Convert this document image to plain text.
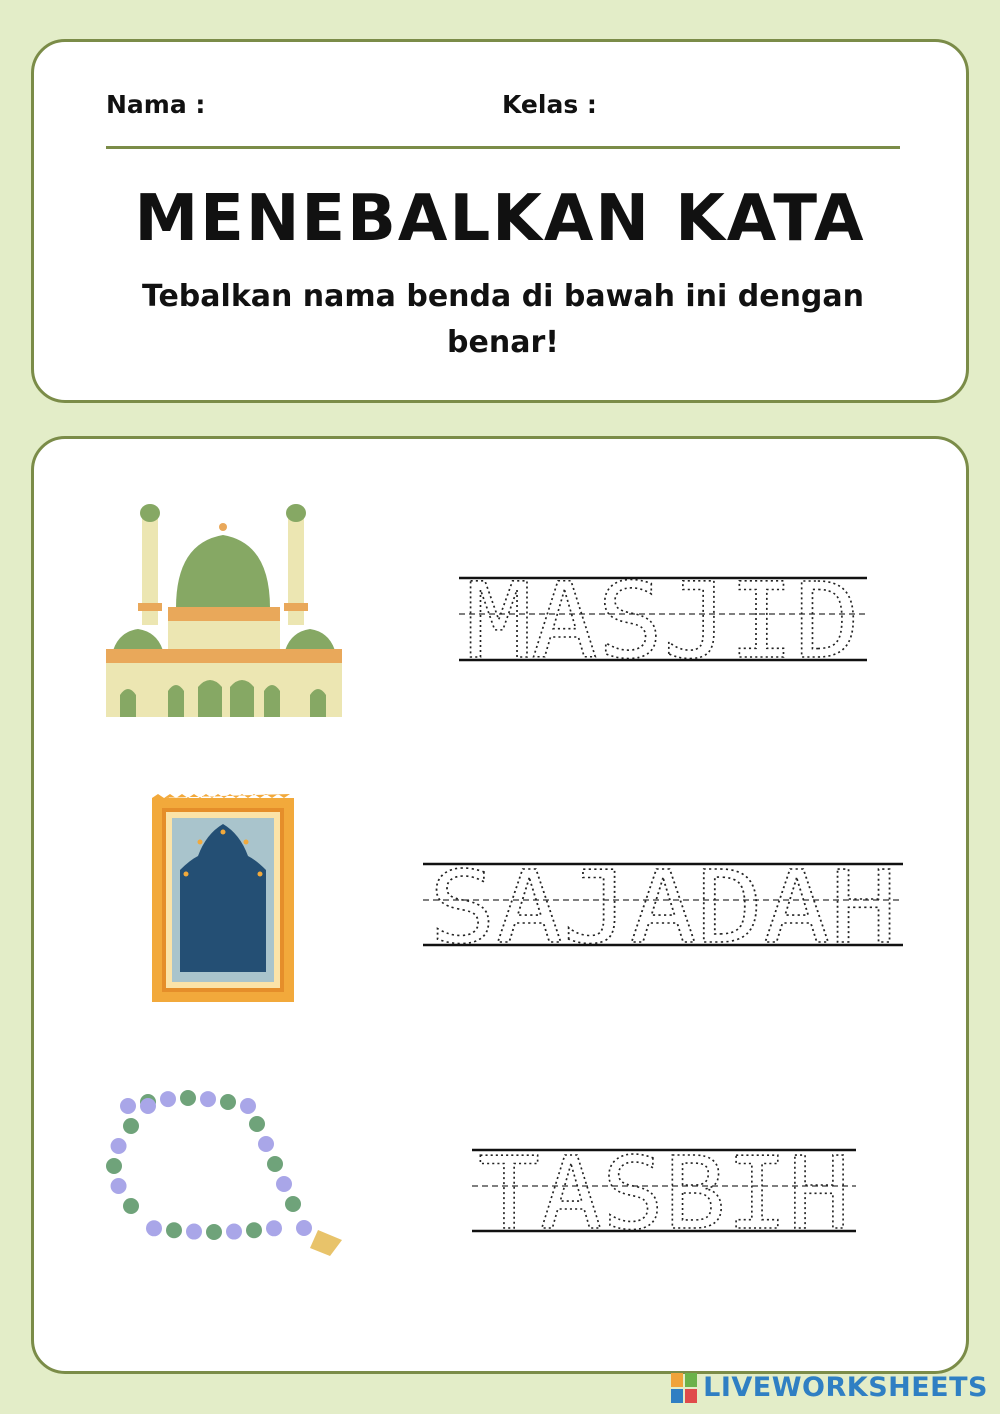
Nama :	Kelas :
MENEBALKAN KATA
Tebalkan nama benda di bawah ini dengan benar!
MASJID
SAJADAH
TASBIH
LIVEWORKSHEETS
